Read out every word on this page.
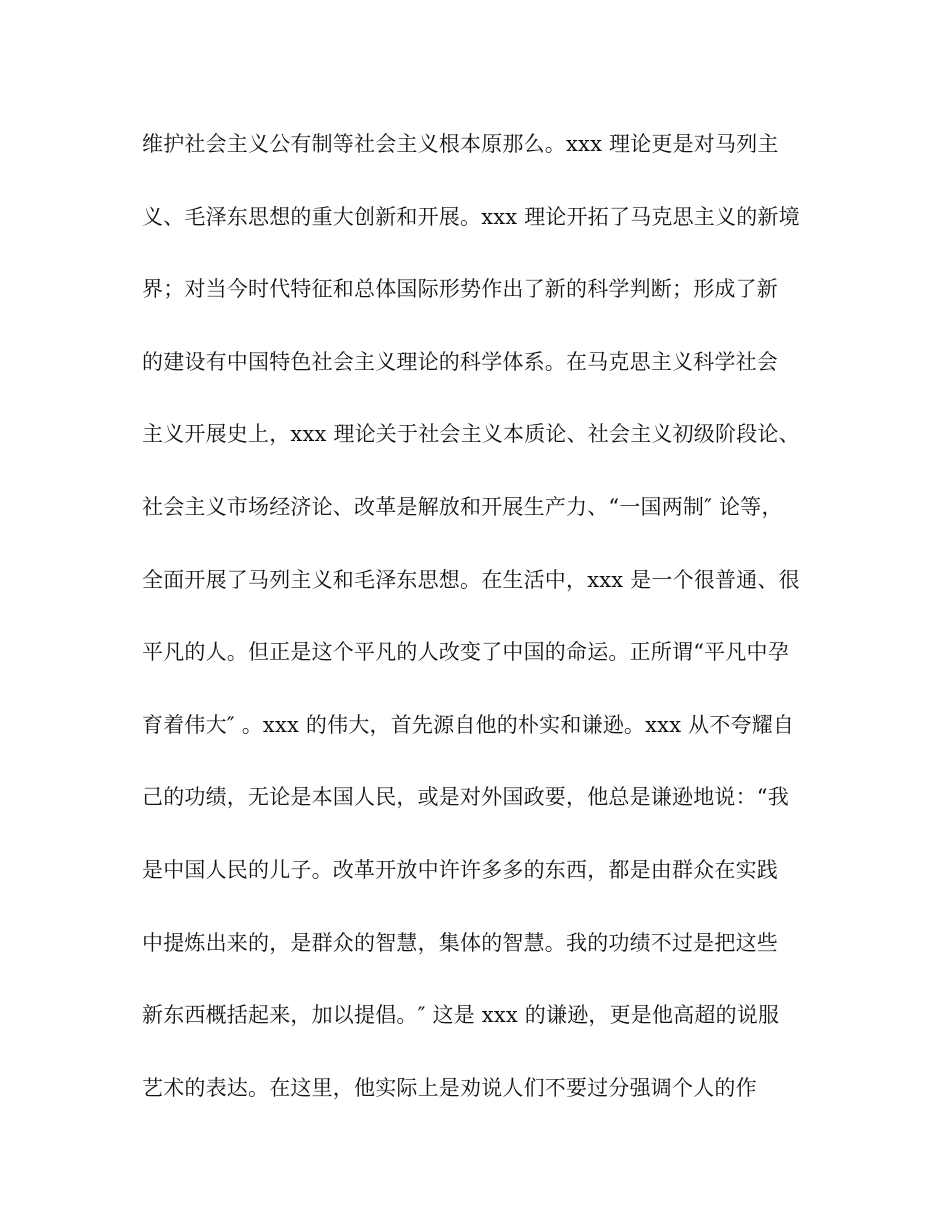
维护社会主义公有制等社会主义根本原那么。xxx 理论更是对马列主
义、毛泽东思想的重大创新和开展。xxx 理论开拓了马克思主义的新境
界；对当今时代特征和总体国际形势作出了新的科学判断；形成了新
的建设有中国特色社会主义理论的科学体系。在马克思主义科学社会
主义开展史上，xxx 理论关于社会主义本质论、社会主义初级阶段论、
社会主义市场经济论、改革是解放和开展生产力、“一国两制″ 论等，
全面开展了马列主义和毛泽东思想。在生活中，xxx 是一个很普通、很
平凡的人。但正是这个平凡的人改变了中国的命运。正所谓“平凡中孕
育着伟大″ 。xxx 的伟大，首先源自他的朴实和谦逊。xxx 从不夸耀自
己的功绩，无论是本国人民，或是对外国政要，他总是谦逊地说：“我
是中国人民的儿子。改革开放中许许多多的东西，都是由群众在实践
中提炼出来的，是群众的智慧，集体的智慧。我的功绩不过是把这些
新东西概括起来，加以提倡。″ 这是 xxx 的谦逊，更是他高超的说服
艺术的表达。在这里，他实际上是劝说人们不要过分强调个人的作
